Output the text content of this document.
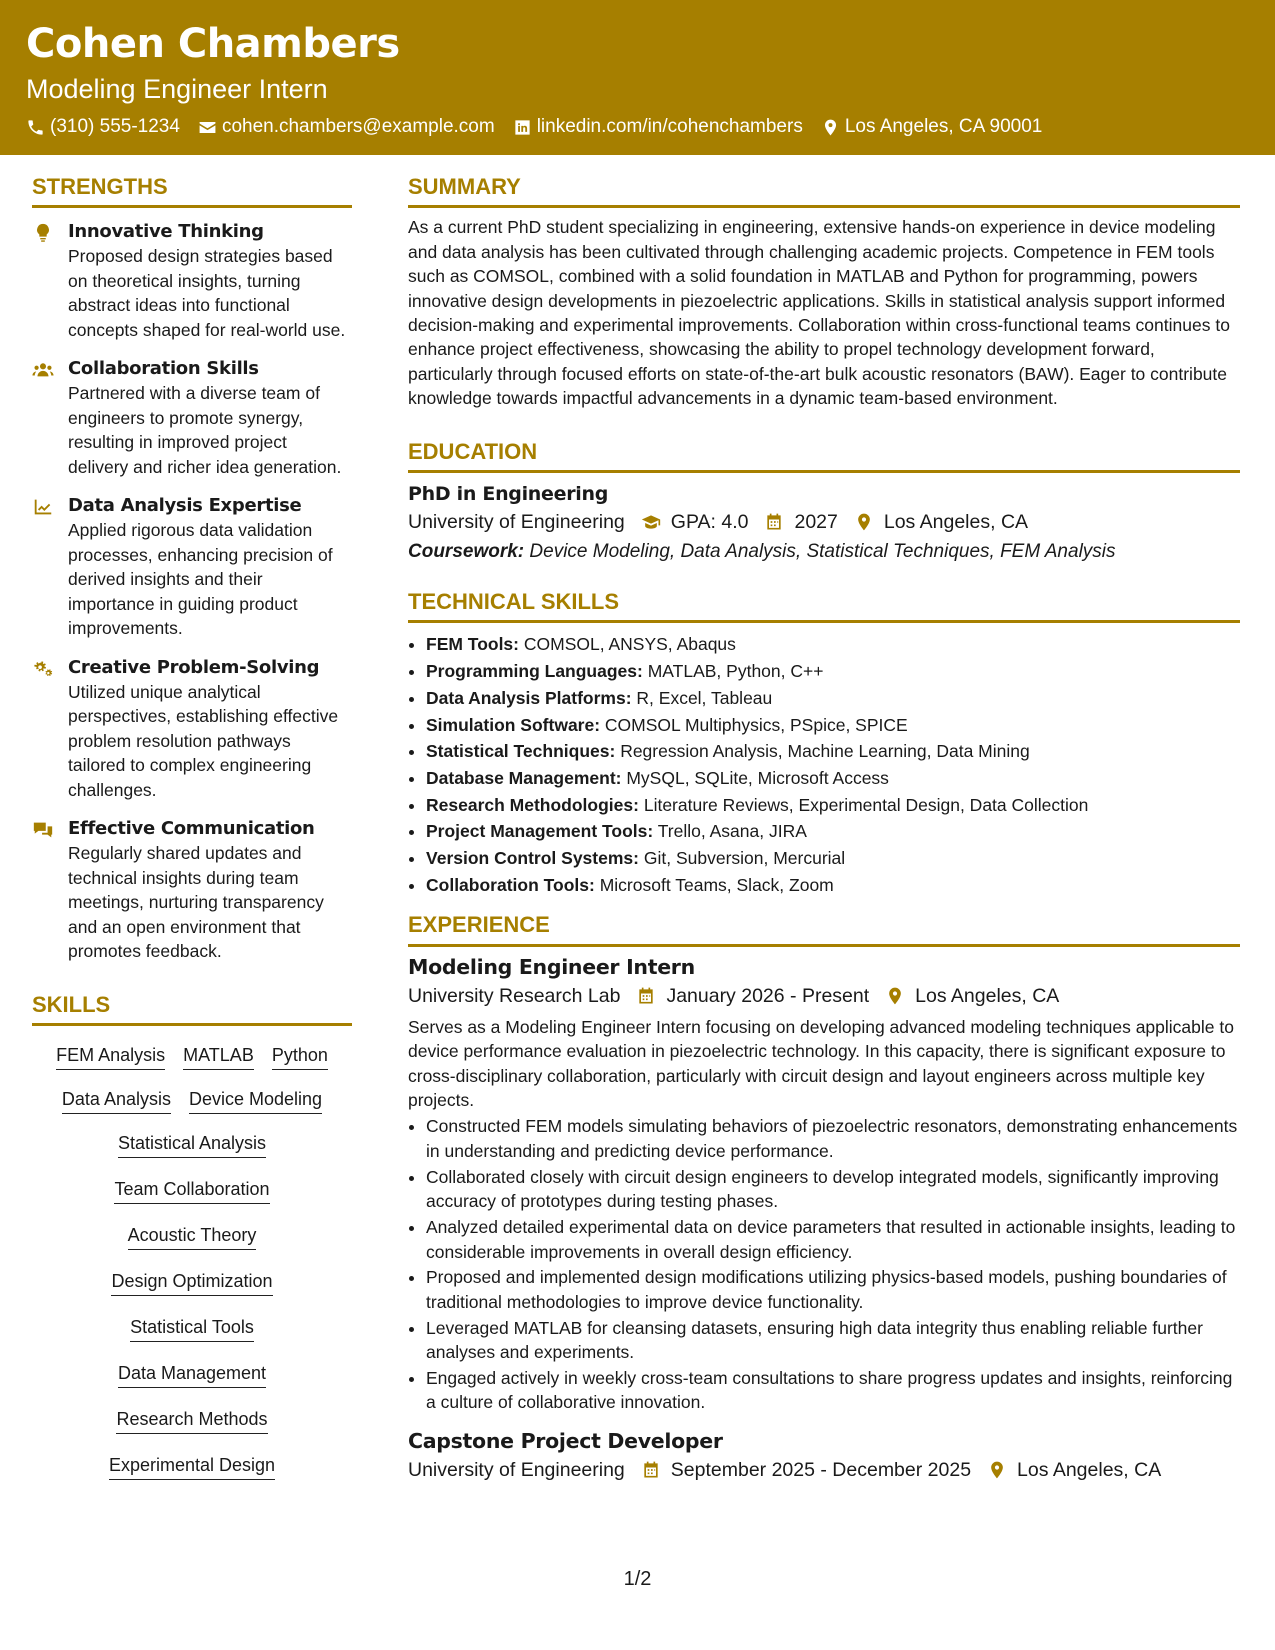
Cohen Chambers
Modeling Engineer Intern
(310) 555-1234 cohen.chambers@example.com linkedin.com/in/cohenchambers Los Angeles, CA 90001
STRENGTHS
Innovative Thinking
Proposed design strategies based on theoretical insights, turning abstract ideas into functional concepts shaped for real-world use.
Collaboration Skills
Partnered with a diverse team of engineers to promote synergy, resulting in improved project delivery and richer idea generation.
Data Analysis Expertise
Applied rigorous data validation processes, enhancing precision of derived insights and their importance in guiding product improvements.
Creative Problem-Solving
Utilized unique analytical perspectives, establishing effective problem resolution pathways tailored to complex engineering challenges.
Effective Communication
Regularly shared updates and technical insights during team meetings, nurturing transparency and an open environment that promotes feedback.
SKILLS
FEM Analysis MATLAB Python
Data Analysis Device Modeling
Statistical Analysis
Team Collaboration
Acoustic Theory
Design Optimization
Statistical Tools
Data Management
Research Methods
Experimental Design
SUMMARY
As a current PhD student specializing in engineering, extensive hands-on experience in device modeling and data analysis has been cultivated through challenging academic projects. Competence in FEM tools such as COMSOL, combined with a solid foundation in MATLAB and Python for programming, powers innovative design developments in piezoelectric applications. Skills in statistical analysis support informed decision-making and experimental improvements. Collaboration within cross-functional teams continues to enhance project effectiveness, showcasing the ability to propel technology development forward, particularly through focused efforts on state-of-the-art bulk acoustic resonators (BAW). Eager to contribute knowledge towards impactful advancements in a dynamic team-based environment.
EDUCATION
PhD in Engineering
University of Engineering GPA: 4.0 2027 Los Angeles, CA
Coursework: Device Modeling, Data Analysis, Statistical Techniques, FEM Analysis
TECHNICAL SKILLS
• FEM Tools: COMSOL, ANSYS, Abaqus
• Programming Languages: MATLAB, Python, C++
• Data Analysis Platforms: R, Excel, Tableau
• Simulation Software: COMSOL Multiphysics, PSpice, SPICE
• Statistical Techniques: Regression Analysis, Machine Learning, Data Mining
• Database Management: MySQL, SQLite, Microsoft Access
• Research Methodologies: Literature Reviews, Experimental Design, Data Collection
• Project Management Tools: Trello, Asana, JIRA
• Version Control Systems: Git, Subversion, Mercurial
• Collaboration Tools: Microsoft Teams, Slack, Zoom
EXPERIENCE
Modeling Engineer Intern
University Research Lab January 2026 - Present Los Angeles, CA
Serves as a Modeling Engineer Intern focusing on developing advanced modeling techniques applicable to device performance evaluation in piezoelectric technology. In this capacity, there is significant exposure to cross-disciplinary collaboration, particularly with circuit design and layout engineers across multiple key projects.
• Constructed FEM models simulating behaviors of piezoelectric resonators, demonstrating enhancements in understanding and predicting device performance.
• Collaborated closely with circuit design engineers to develop integrated models, significantly improving accuracy of prototypes during testing phases.
• Analyzed detailed experimental data on device parameters that resulted in actionable insights, leading to considerable improvements in overall design efficiency.
• Proposed and implemented design modifications utilizing physics-based models, pushing boundaries of traditional methodologies to improve device functionality.
• Leveraged MATLAB for cleansing datasets, ensuring high data integrity thus enabling reliable further analyses and experiments.
• Engaged actively in weekly cross-team consultations to share progress updates and insights, reinforcing a culture of collaborative innovation.
Capstone Project Developer
University of Engineering September 2025 - December 2025 Los Angeles, CA
1/2
